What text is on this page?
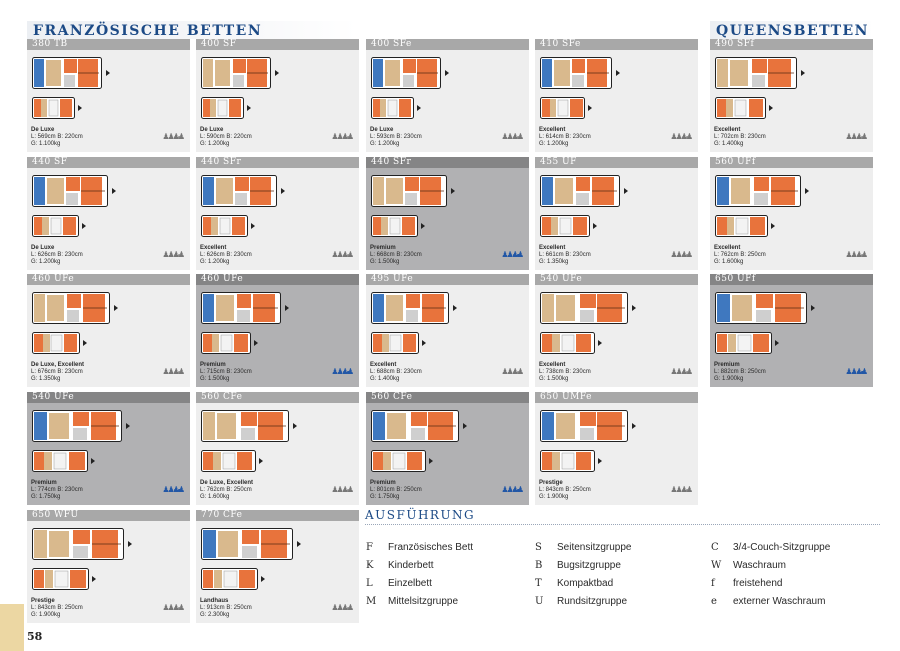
FRANZÖSISCHE BETTEN	QUEENSBETTEN
380 TB
De Luxe
L: 569cm B: 220cm
G: 1.100kg
♟♟♟♟
400 SF
De Luxe
L: 590cm B: 220cm
G: 1.200kg
♟♟♟♟
400 SFe
De Luxe
L: 593cm B: 230cm
G: 1.200kg
♟♟♟♟
410 SFe
Excellent
L: 614cm B: 230cm
G: 1.200kg
♟♟♟♟
490 SFf
Excellent
L: 702cm B: 230cm
G: 1.400kg
♟♟♟♟
440 SF
De Luxe
L: 626cm B: 230cm
G: 1.200kg
♟♟♟♟
440 SFr
Excellent
L: 626cm B: 230cm
G: 1.200kg
♟♟♟♟
440 SFr
Premium
L: 668cm B: 230cm
G: 1.500kg
♟♟♟♟
455 UF
Excellent
L: 661cm B: 230cm
G: 1.350kg
♟♟♟♟
560 UFf
Excellent
L: 762cm B: 250cm
G: 1.600kg
♟♟♟♟
460 UFe
De Luxe, Excellent
L: 676cm B: 230cm
G: 1.350kg
♟♟♟♟
460 UFe
Premium
L: 715cm B: 230cm
G: 1.500kg
♟♟♟♟
495 UFe
Excellent
L: 688cm B: 230cm
G: 1.400kg
♟♟♟♟
540 UFe
Excellent
L: 738cm B: 230cm
G: 1.500kg
♟♟♟♟
650 UFf
Premium
L: 882cm B: 250cm
G: 1.900kg
♟♟♟♟
540 UFe
Premium
L: 774cm B: 230cm
G: 1.750kg
♟♟♟♟
560 CFe
De Luxe, Excellent
L: 762cm B: 250cm
G: 1.600kg
♟♟♟♟
560 CFe
Premium
L: 801cm B: 250cm
G: 1.750kg
♟♟♟♟
650 UMFe
Prestige
L: 843cm B: 250cm
G: 1.900kg
♟♟♟♟
650 WFU
Prestige
L: 843cm B: 250cm
G: 1.900kg
♟♟♟♟
770 CFe
Landhaus
L: 913cm B: 250cm
G: 2.300kg
♟♟♟♟
AUSFÜHRUNG
F Französisches Bett
K Kinderbett
L Einzelbett
M Mittelsitzgruppe
S Seitensitzgruppe
B Bugsitzgruppe
T Kompaktbad
U Rundsitzgruppe
C 3/4-Couch-Sitzgruppe
W Waschraum
f freistehend
e externer Waschraum
58
